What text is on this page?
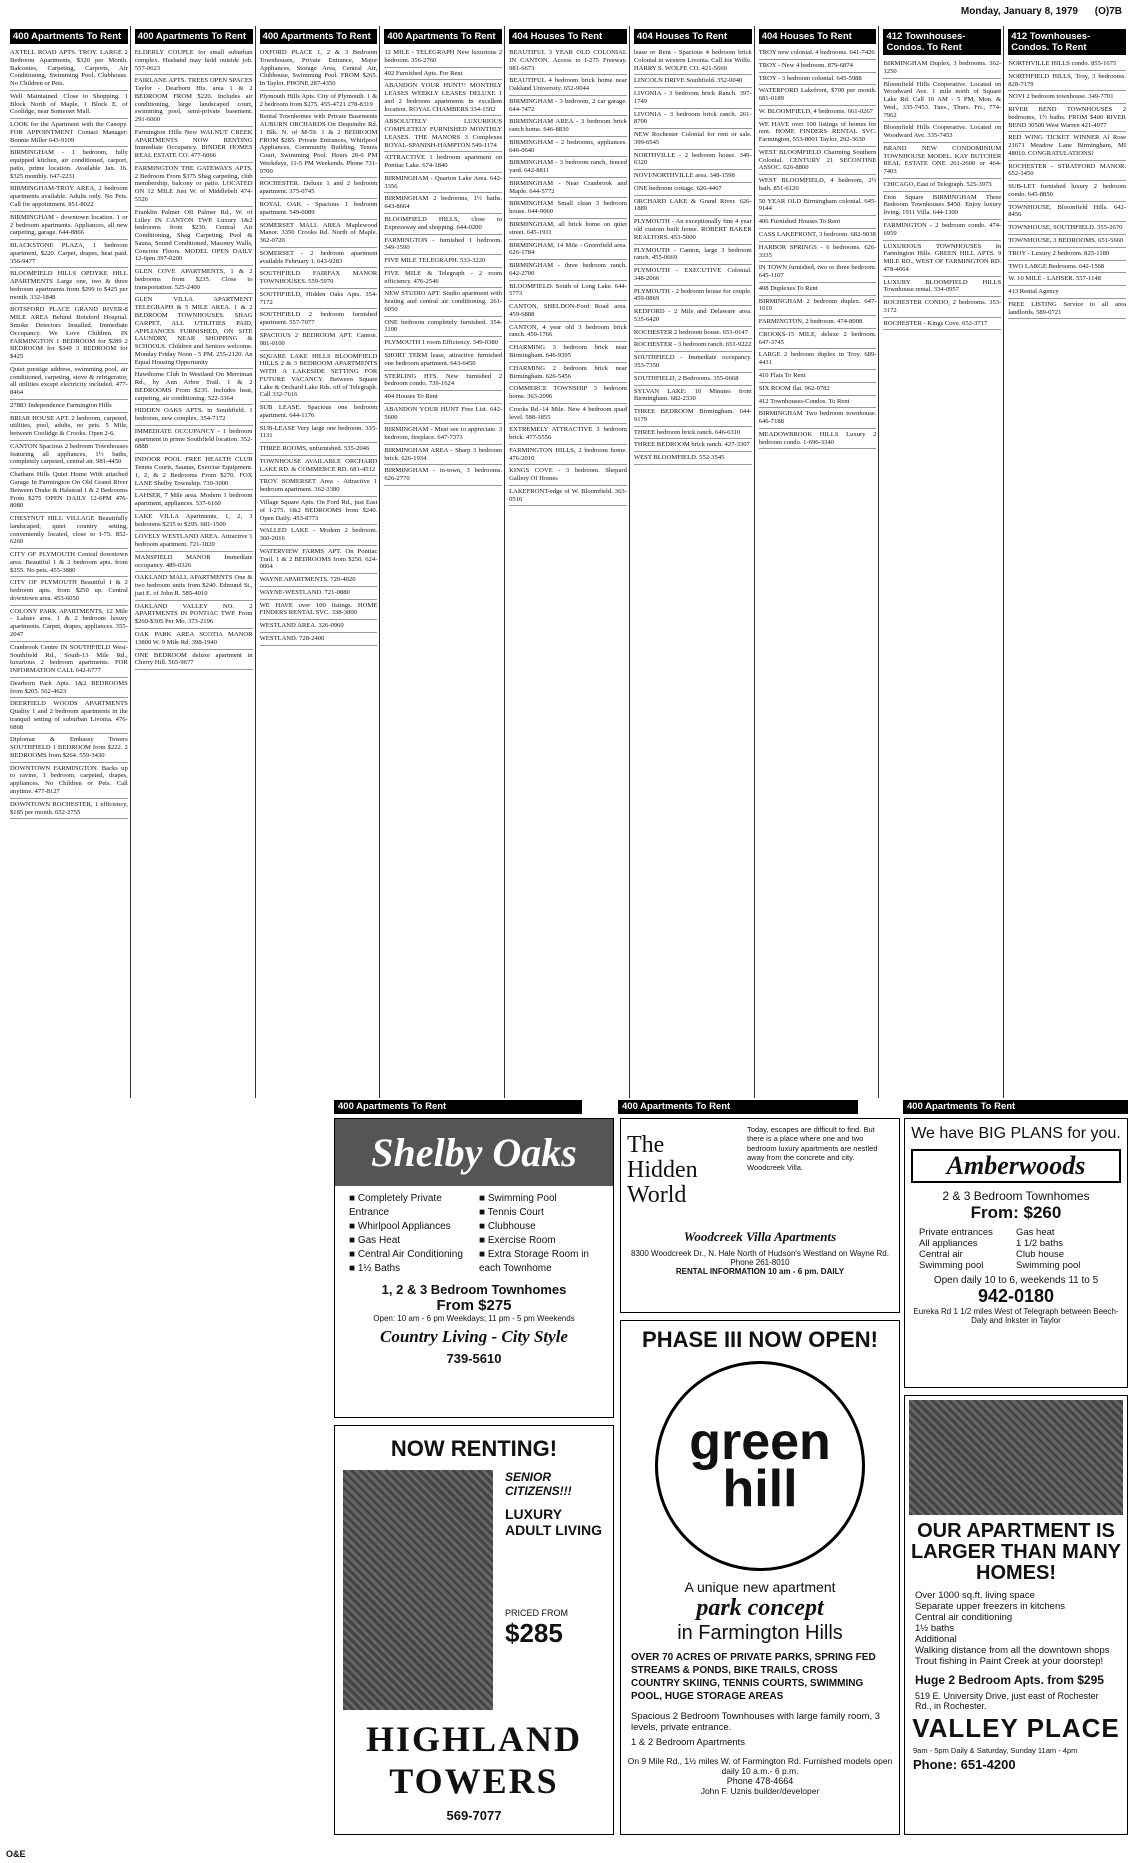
Monday, January 8, 1979 (O)7B
400 Apartments To Rent
AXTELL ROAD APTS. TROY. LARGE 2 Bedroom Apartments, $320 per Month. Balconies, Carpeting, Carports, Air Conditioning, Swimming Pool, Clubhouse. No Children or Pets.
Well Maintained. Close to Shopping. 1 Block North of Maple, 1 Block E. of Coolidge, near Somerset Mall.
LOOK for the Apartment with the Canopy. FOR APPOINTMENT Contact Manager: Bonnie Miller 643-9109
BIRMINGHAM - 1 bedroom, fully equipped kitchen, air conditioned, carport, patio, prime location. Available Jan. 16. $325 monthly. 647-2231
BIRMINGHAM-TROY AREA, 2 bedroom apartments available. Adults only. No Pets. Call for appointment. 851-8022
BIRMINGHAM - downtown location. 1 or 2 bedroom apartments. Appliances, all new carpeting, garage. 644-8866
BLACKSTONE PLAZA, 1 bedroom apartment, $220. Carpet, drapes, heat paid. 356-9477
BLOOMFIELD HILLS OPDYKE HILL APARTMENTS Large one, two & three bedroom apartments from $299 to $425 per month. 332-1848
BOTSFORD PLACE GRAND RIVER-8 MILE AREA Behind Botsford Hospital. Smoke Detectors Installed. Immediate Occupancy. We Love Children. IN FARMINGTON 1 BEDROOM for $289 2 BEDROOM for $349 3 BEDROOM for $425
Quiet prestige address, swimming pool, air conditioned, carpeting, stove & refrigerator, all utilities except electricity included. 477-8464
27883 Independence Farmington Hills
BRIAR HOUSE APT. 2 bedroom, carpeted, utilities, pool, adults, no pets. 5 Mile, between Coolidge & Crooks. Open 2-6.
CANTON Spacious 2 bedroom Townhouses featuring all appliances, 1½ baths, completely carpeted, central air. 981-4450
Chatham Hills Quiet Home With attached Garage In Farmington On Old Grand River Between Drake & Halstead 1 & 2 Bedrooms From $275 OPEN DAILY 12-6PM 476-8080
CHESTNUT HILL VILLAGE Beautifully landscaped, quiet country setting, conveniently located, close to I-75. 852-6260
CITY OF PLYMOUTH Central downtown area. Beautiful 1 & 2 bedroom apts. from $255. No pets. 455-3880
CITY OF PLYMOUTH Beautiful 1 & 2 bedroom apts. from $250 up. Central downtown area. 453-6050
COLONY PARK APARTMENTS, 12 Mile - Lahser area. 1 & 2 bedroom luxury apartments. Carpet, drapes, appliances. 355-2047
Cranbrook Centre IN SOUTHFIELD West-Southfield Rd., South-13 Mile Rd., luxurious 2 bedroom apartments. FOR INFORMATION CALL 642-6777
Dearborn Park Apts. 1&2 BEDROOMS from $205. 562-4623
DEERFIELD WOODS APARTMENTS Quality 1 and 2 bedroom apartments in the tranquil setting of suburban Livonia. 476-6868
Diplomat & Embassy Towers SOUTHFIELD 1 BEDROOM from $222. 2 BEDROOMS from $264. 559-3430
DOWNTOWN FARMINGTON. Backs up to ravine, 1 bedroom, carpeted, drapes, appliances. No Children or Pets. Call anytime. 477-8127
DOWNTOWN ROCHESTER, 1 efficiency, $185 per month. 652-2755
400 Apartments To Rent
ELDERLY COUPLE for small suburban complex. Husband may hold outside job. 557-0623
FAIRLANE APTS. TREES OPEN SPACES Taylor - Dearborn Hts. area 1 & 2 BEDROOM FROM $220. Includes air conditioning, large landscaped court, swimming pool, semi-private basement. 291-6060
Farmington Hills New WALNUT CREEK APARTMENTS NOW RENTING Immediate Occupancy. BINDER HOMES REAL ESTATE CO. 477-6066
FARMINGTON THE GATEWAYS APTS. 2 Bedroom From $375 Shag carpeting, club membership, balcony or patio. LOCATED ON 12 MILE Just W. of Middlebelt 474-5526
Franklin Palmer Off Palmer Rd., W. of Lilley IN CANTON TWP. Luxury 1&2 bedrooms from $230. Central Air Conditioning, Shag Carpeting, Pool & Sauna, Sound Conditioned, Masonry Walls, Concrete Floors. MODEL OPEN DAILY 12-6pm 397-0200
GLEN COVE APARTMENTS, 1 & 2 bedrooms from $235. Close to transportation. 525-2400
GLEN VILLA APARTMENT TELEGRAPH & 5 MILE AREA. 1 & 2 BEDROOM TOWNHOUSES. SHAG CARPET, ALL UTILITIES PAID, APPLIANCES FURNISHED, ON SITE LAUNDRY, NEAR SHOPPING & SCHOOLS. Children and Seniors welcome. Monday Friday Noon - 5 PM. 255-2120. An Equal Housing Opportunity
Hawthorne Club In Westland On Merriman Rd., by Ann Arbor Trail. 1 & 2 BEDROOMS From $235. Includes heat, carpeting, air conditioning. 522-3364
HIDDEN OAKS APTS. in Southfield. 1 bedroom, new complex. 354-7172
IMMEDIATE OCCUPANCY - 1 bedroom apartment in prime Southfield location. 352-6888
INDOOR POOL FREE HEALTH CLUB Tennis Courts, Saunas, Exercise Equipment. 1, 2, & 2 Bedrooms From $270. FOX LANE Shelby Township. 739-3000
LAHSER, 7 Mile area. Modern 1 bedroom apartment, appliances. 537-6160
LAKE VILLA Apartments, 1, 2, 3 bedrooms $235 to $295. 681-1500
LOVELY WESTLAND AREA. Attractive 1 bedroom apartment. 721-1820
MANSFIELD MANOR Immediate occupancy. 489-0326
OAKLAND MALL APARTMENTS One & two bedroom units from $240. Edmund St., just E. of John R. 585-4010
OAKLAND VALLEY NO. 2 APARTMENTS IN PONTIAC TWP. From $260-$305 Per Mo. 373-2196
OAK PARK AREA SCOTIA MANOR 13800 W. 9 Mile Rd. 398-1940
ONE BEDROOM deluxe apartment in Cherry Hill. 565-9677
400 Apartments To Rent
OXFORD PLACE 1, 2 & 3 Bedroom Townhouses, Private Entrance, Major Appliances, Storage Area, Central Air, Clubhouse, Swimming Pool. FROM $265. In Taylor. PHONE 287-4350
Plymouth Hills Apts. City of Plymouth. 1 & 2 bedroom from $275. 455-4721 278-8319
Rental Townhomes with Private Basements AUBURN ORCHARDS On Dequindre Rd. 1 Blk. N. of M-59. 1 & 2 BEDROOM FROM $285. Private Entrances, Whirlpool Appliances, Community Building, Tennis Court, Swimming Pool. Hours 20-6 PM Weekdays, 11-5 PM Weekends. Phone 731-9700
ROCHESTER. Deluxe 1 and 2 bedroom apartment. 375-0745
ROYAL OAK - Spacious 1 bedroom apartment. 549-0089
SOMERSET MALL AREA Maplewood Manor. 3350 Crooks Rd. North of Maple. 362-0720
SOMERSET - 2 bedroom apartment available February 1. 643-9283
SOUTHFIELD FAIRFAX MANOR TOWNHOUSES. 559-5970
SOUTHFIELD, Hidden Oaks Apts. 354-7172
SOUTHFIELD 2 bedroom furnished apartment. 557-7077
SPACIOUS 2 BEDROOM APT. Canton. 981-0100
SQUARE LAKE HILLS BLOOMFIELD HILLS 2 & 3 BEDROOM APARTMENTS WITH A LAKESIDE SETTING FOR FUTURE VACANCY. Between Square Lake & Orchard Lake Rds. off of Telegraph. Call 332-7616
SUB LEASE. Spacious one bedroom apartment. 644-1176
SUB-LEASE Very large one bedroom. 335-1131
THREE ROOMS, unfurnished. 535-2046
TOWNHOUSE AVAILABLE ORCHARD LAKE RD. & COMMERCE RD. 681-4512
TROY SOMERSET Area - Attractive 1 bedroom apartment. 362-3380
Village Square Apts. On Ford Rd., just East of I-275. 1&2 BEDROOMS from $240. Open Daily. 453-8773
WALLED LAKE - Modern 2 bedroom. 360-2016
WATERVIEW FARMS APT. On Pontiac Trail. 1 & 2 BEDROOMS from $250. 624-0004
WAYNE APARTMENTS. 729-4020
WAYNE-WESTLAND. 721-0880
WE HAVE over 100 listings. HOME FINDERS RENTAL SVC. 338-3800
WESTLAND AREA. 326-0960
WESTLAND. 728-2400
400 Apartments To Rent
12 MILE - TELEGRAPH New luxurious 2 bedroom. 356-2760
402 Furnished Apts. For Rent
ABANDON YOUR HUNT!! MONTHLY LEASES WEEKLY LEASES DELUXE 1 and 2 bedroom apartments in excellent location. ROYAL CHAMBERS 334-1502
ABSOLUTELY LUXURIOUS COMPLETELY FURNISHED MONTHLY LEASES. THE MANORS 3 Complexes ROYAL-SPANISH-HAMPTON 549-1174
ATTRACTIVE 1 bedroom apartment on Pontiac Lake. 674-1840
BIRMINGHAM - Quarton Lake Area. 642-3356
BIRMINGHAM 2 bedrooms, 1½ baths. 643-8664
BLOOMFIELD HILLS, close to Expressway and shopping. 644-0200
FARMINGTON - furnished 1 bedroom. 349-1590
FIVE MILE TELEGRAPH. 533-3220
FIVE MILE & Telegraph - 2 room efficiency. 476-2546
NEW STUDIO APT. Studio apartment with heating and central air conditioning. 261-6050
ONE bedroom completely furnished. 354-1100
PLYMOUTH 1 room Efficiency. 349-0380
SHORT TERM lease, attractive furnished one bedroom apartment. 643-6450
STERLING HTS. New furnished 2 bedroom condo. 739-1624
404 Houses To Rent
ABANDON YOUR HUNT Free List. 642-5600
BIRMINGHAM - Must see to appreciate. 3 bedroom, fireplace. 647-7373
BIRMINGHAM AREA - Sharp 3 bedroom brick. 626-1934
BIRMINGHAM - in-town, 3 bedrooms. 626-2770
404 Houses To Rent
BEAUTIFUL 3 YEAR OLD COLONIAL IN CANTON. Access to I-275 Freeway. 981-6673
BEAUTIFUL 4 bedroom brick home near Oakland University. 652-9044
BIRMINGHAM - 3 bedroom, 2 car garage. 644-7472
BIRMINGHAM AREA - 3 bedroom brick ranch home. 646-8830
BIRMINGHAM - 2 bedrooms, appliances. 646-0640
BIRMINGHAM - 3 bedroom ranch, fenced yard. 642-8811
BIRMINGHAM - Near Cranbrook and Maple. 644-5772
BIRMINGHAM Small clean 3 bedroom house. 644-9060
BIRMINGHAM, all brick home on quiet street. 645-1911
BIRMINGHAM, 14 Mile - Greenfield area. 626-1784
BIRMINGHAM - three bedroom ranch. 642-2700
BLOOMFIELD. South of Long Lake. 644-5773
CANTON, SHELDON-Ford Road area. 459-6888
CANTON, 4 year old 3 bedroom brick ranch. 459-1766
CHARMING 3 bedroom brick near Birmingham. 646-9395
CHARMING 2 bedroom brick near Birmingham. 626-5456
COMMERCE TOWNSHIP 3 bedroom home. 363-2096
Crooks Rd.-14 Mile. New 4 bedroom quad level. 588-1855
EXTREMELY ATTRACTIVE 3 bedroom brick. 477-5556
FARMINGTON HILLS, 2 bedroom home. 476-2010
KINGS COVE - 3 bedroom. Shepard Gallery Of Homes
LAKEFRONT-edge of W. Bloomfield. 363-0510
404 Houses To Rent
lease or Rent - Spacious 4 bedroom brick Colonial in western Livonia. Call Joe Wolfe. HARRY S. WOLFE CO. 421-5660
LINCOLN DRIVE Southfield. 352-0040
LIVONIA - 3 bedroom brick Ranch. 397-1749
LIVONIA - 3 bedroom brick ranch. 261-8700
NEW Rochester Colonial for rent or sale. 399-6545
NORTHVILLE - 2 bedroom house. 349-6320
NOVI/NORTHVILLE area. 348-1598
ONE bedroom cottage. 626-4467
ORCHARD LAKE & Grand River. 626-1889
PLYMOUTH - An exceptionally fine 4 year old custom built home. ROBERT BAKER REALTORS. 453-5000
PLYMOUTH - Canton, large 3 bedroom ranch. 455-0669
PLYMOUTH - EXECUTIVE Colonial. 348-2066
PLYMOUTH - 2 bedroom house for couple. 459-0869
REDFORD - 2 Mile and Delaware area. 535-6420
ROCHESTER 2 bedroom house. 651-0147
ROCHESTER - 3 bedroom ranch. 651-9222
SOUTHFIELD - Immediate occupancy. 353-7350
SOUTHFIELD, 2 Bedrooms. 355-0668
SYLVAN LAKE: 10 Minutes from Birmingham. 682-2330
THREE BEDROOM Birmingham. 644-9179
THREE bedroom brick ranch. 646-6310
THREE BEDROOM brick ranch. 427-3307
WEST BLOOMFIELD. 552-3545
404 Houses To Rent
TROY new colonial. 4 bedrooms. 641-7426
TROY - New 4 bedroom. 879-6874
TROY - 3 bedroom colonial. 645-5988
WATERFORD Lakefront, $700 per month. 681-0189
W. BLOOMFIELD, 4 bedrooms. 661-0267
WE HAVE over 100 listings of homes for rent. HOME FINDERS RENTAL SVC. Farmington, 553-8001 Taylor, 292-3630
WEST BLOOMFIELD Charming Southern Colonial. CENTURY 21 SECONTINE ASSOC. 626-8800
WEST BLOOMFIELD, 4 bedroom, 2½ bath. 851-6120
50 YEAR OLD Birmingham colonial. 645-9144
406 Furnished Houses To Rent
CASS LAKEFRONT, 3 bedroom. 682-9038
HARBOR SPRINGS - 6 bedrooms. 626-3335
IN TOWN furnished, two or three bedroom. 645-1107
408 Duplexes To Rent
BIRMINGHAM 2 bedroom duplex. 647-1610
FARMINGTON, 2 bedroom. 474-8008
CROOKS-15 MILE, deluxe 2 bedroom. 647-3745
LARGE 2 bedroom duplex in Troy. 689-4431
410 Flats To Rent
SIX ROOM flat. 962-0782
412 Townhouses-Condos. To Rent
BIRMINGHAM Two bedroom townhouse. 646-7188
MEADOWBROOK HILLS Luxury 2 bedroom condo. 1-696-3340
412 Townhouses-Condos. To Rent
BIRMINGHAM Duplex, 3 bedrooms. 362-1250
Bloomfield Hills Cooperative. Located on Woodward Ave. 1 mile north of Square Lake Rd. Call 10 AM - 5 PM, Mon. & Wed., 335-7453. Tues., Thurs. Fri., 774-7962
Bloomfield Hills Cooperative. Located on Woodward Ave. 335-7453
BRAND NEW CONDOMINIUM TOWNHOUSE MODEL. KAY BUTCHER REAL ESTATE ONE 261-2600 or 464-7403
CHICAGO, East of Telegraph. 525-3973
Eton Square BIRMINGHAM Three Bedroom Townhouses $450. Enjoy luxury living. 1911 Villa. 644-1300
FARMINGTON - 2 bedroom condo. 474-6959
LUXURIOUS TOWNHOUSES In Farmington Hills. GREEN HILL APTS. 9 MILE RD., WEST OF FARMINGTON RD. 478-4664
LUXURY BLOOMFIELD HILLS Townhouse rental. 334-0957
ROCHESTER CONDO, 2 bedrooms. 353-3172
ROCHESTER - Kings Cove. 652-3717
412 Townhouses-Condos. To Rent
NORTHVILLE HILLS condo. 855-1675
NORTHFIELD HILLS, Troy, 3 bedrooms. 828-7179
NOVI 2 bedroom townhouse. 349-7701
RIVER BEND TOWNHOUSES 2 bedrooms, 1½ baths. FROM $400 RIVER BEND 30500 West Warren 421-4977
RED WING TICKET WINNER Al Rose 21671 Meadow Lane Birmingham, MI 48010. CONGRATULATIONS!
ROCHESTER - STRATFORD MANOR. 652-1450
SUB-LET furnished luxury 2 bedroom condo. 645-8850
TOWNHOUSE, Bloomfield Hills. 642-8456
TOWNHOUSE, SOUTHFIELD. 355-2670
TOWNHOUSE, 3 BEDROOMS. 651-5660
TROY - Luxury 2 bedroom. 825-1180
TWO LARGE Bedrooms. 642-1568
W. 10 MILE - LAHSER. 557-1148
413 Rental Agency
FREE LISTING Service to all area landlords. 589-0721
400 Apartments To Rent	400 Apartments To Rent	400 Apartments To Rent
Shelby Oaks
■ Completely Private Entrance
■ Whirlpool Appliances
■ Gas Heat
■ Central Air Conditioning
■ 1½ Baths
■ Swimming Pool
■ Tennis Court
■ Clubhouse
■ Exercise Room
■ Extra Storage Room in each Townhome
1, 2 & 3 Bedroom Townhomes
From $275
Open: 10 am - 6 pm Weekdays; 11 pm - 5 pm Weekends
Country Living - City Style
739-5610
NOW RENTING!
SENIOR CITIZENS!!!
LUXURY ADULT LIVING
PRICED FROM
$285
HIGHLAND TOWERS
569-7077
The Hidden World
Today, escapes are difficult to find. But there is a place where one and two bedroom luxury apartments are nestled away from the concrete and city. Woodcreek Villa.
Woodcreek Villa Apartments
8300 Woodcreek Dr., N. Hale North of Hudson's Westland on Wayne Rd.
Phone 261-8010
RENTAL INFORMATION 10 am - 6 pm. DAILY
PHASE III NOW OPEN!
green
hill
A unique new apartment
park concept
in Farmington Hills
OVER 70 ACRES OF PRIVATE PARKS, SPRING FED STREAMS & PONDS, BIKE TRAILS, CROSS COUNTRY SKIING, TENNIS COURTS, SWIMMING POOL, HUGE STORAGE AREAS
Spacious 2 Bedroom Townhouses with large family room, 3 levels, private entrance.
1 & 2 Bedroom Apartments
On 9 Mile Rd., 1½ miles W. of Farmington Rd. Furnished models open daily 10 a.m.- 6 p.m.
Phone 478-4664
John F. Uznis builder/developer
We have BIG PLANS for you.
Amberwoods
2 & 3 Bedroom Townhomes
From: $260
Private entrances
All appliances
Central air
Swimming pool
Gas heat
1 1/2 baths
Club house
Swimming pool
Open daily 10 to 6, weekends 11 to 5
942-0180
Eureka Rd 1 1/2 miles West of Telegraph between Beech-Daly and Inkster in Taylor
OUR APARTMENT IS LARGER THAN MANY HOMES!
Over 1000 sq.ft. living space
Separate upper freezers in kitchens
Central air conditioning
1½ baths
Additional
Walking distance from all the downtown shops
Trout fishing in Paint Creek at your doorstep!
Huge 2 Bedroom Apts. from $295
519 E. University Drive, just east of Rochester Rd., in Rochester.
VALLEY PLACE
9am - 5pm Daily & Saturday, Sunday 11am - 4pm
Phone: 651-4200
O&E
